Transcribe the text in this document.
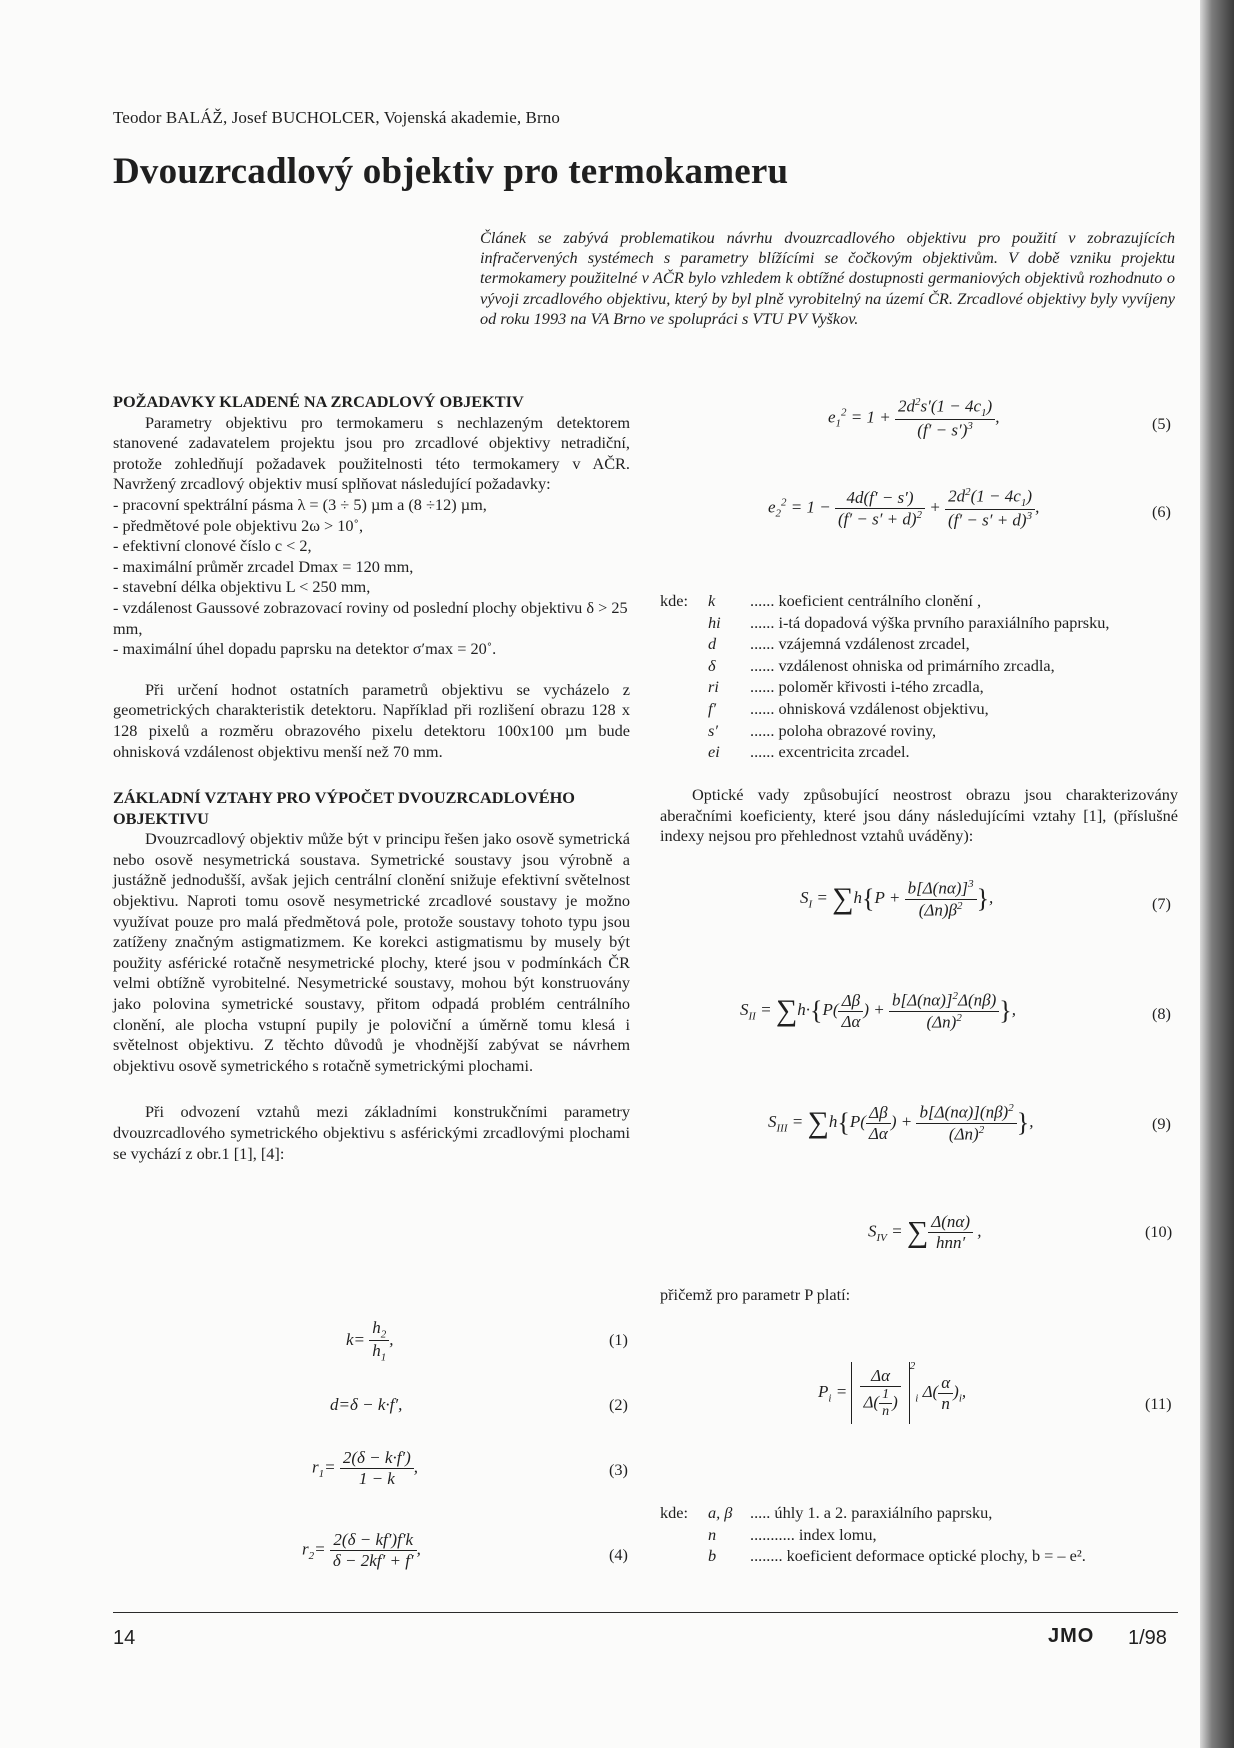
Teodor BALÁŽ, Josef BUCHOLCER, Vojenská akademie, Brno
Dvouzrcadlový objektiv pro termokameru

Článek se zabývá problematikou návrhu dvouzrcadlového objektivu pro použití v zobrazujících infračervených systémech s parametry blížícími se čočkovým objektivům. V době vzniku projektu termokamery použitelné v AČR bylo vzhledem k obtížné dostupnosti germaniových objektivů rozhodnuto o vývoji zrcadlového objektivu, který by byl plně vyrobitelný na území ČR. Zrcadlové objektivy byly vyvíjeny od roku 1993 na VA Brno ve spolupráci s VTU PV Vyškov.

POŽADAVKY KLADENÉ NA ZRCADLOVÝ OBJEKTIV

Parametry objektivu pro termokameru s nechlazeným detektorem stanovené zadavatelem projektu jsou pro zrcadlové objektivy netradiční, protože zohledňují požadavek použitelnosti této termokamery v AČR. Navržený zrcadlový objektiv musí splňovat následující požadavky:

- pracovní spektrální pásma λ = (3 ÷ 5) µm a (8 ÷12) µm,
- předmětové pole objektivu 2ω > 10˚,
- efektivní clonové číslo c < 2,
- maximální průměr zrcadel Dmax = 120 mm,
- stavební délka objektivu L < 250 mm,
- vzdálenost Gaussové zobrazovací roviny od poslední plochy objektivu δ > 25 mm,
- maximální úhel dopadu paprsku na detektor σ′max = 20˚.

Při určení hodnot ostatních parametrů objektivu se vycházelo z geometrických charakteristik detektoru. Například při rozlišení obrazu 128 x 128 pixelů a rozměru obrazového pixelu detektoru 100x100 µm bude ohnisková vzdálenost objektivu menší než 70 mm.

ZÁKLADNÍ VZTAHY PRO VÝPOČET DVOUZRCADLOVÉHO OBJEKTIVU

Dvouzrcadlový objektiv může být v principu řešen jako osově symetrická nebo osově nesymetrická soustava. Symetrické soustavy jsou výrobně a justážně jednodušší, avšak jejich centrální clonění snižuje efektivní světelnost objektivu. Naproti tomu osově nesymetrické zrcadlové soustavy je možno využívat pouze pro malá předmětová pole, protože soustavy tohoto typu jsou zatíženy značným astigmatizmem. Ke korekci astigmatismu by musely být použity asférické rotačně nesymetrické plochy, které jsou v podmínkách ČR velmi obtížně vyrobitelné. Nesymetrické soustavy, mohou být konstruovány jako polovina symetrické soustavy, přitom odpadá problém centrálního clonění, ale plocha vstupní pupily je poloviční a úměrně tomu klesá i světelnost objektivu. Z těchto důvodů je vhodnější zabývat se návrhem objektivu osově symetrického s rotačně symetrickými plochami.

Při odvození vztahů mezi základními konstrukčními parametry dvouzrcadlového symetrického objektivu s asférickými zrcadlovými plochami se vychází z obr.1 [1], [4]:

$k= \frac{h_2}{h_1}$ ,	(1)
d=δ − k·f′,	(2)
$r_1= \frac{2(\delta - k\cdot f')}{1 - k}$ ,	(3)
$r_2= \frac{2(\delta - kf')f'k}{\delta - 2kf' + f'}$ ,	(4)
$e_1^2 = 1 + \frac{2d^2s'(1 - 4c_1)}{(f' - s')^3}$ ,	(5)
$e_2^2 = 1 - \frac{4d(f' - s')}{(f' - s' + d)^2} + \frac{2d^2(1 - 4c_1)}{(f' - s' + d)^3}$ ,	(6)
kde:	k	...... koeficient centrálního clonění ,
hi	...... i-tá dopadová výška prvního paraxiálního paprsku,
d	...... vzájemná vzdálenost zrcadel,
δ	...... vzdálenost ohniska od primárního zrcadla,
ri	...... poloměr křivosti i-tého zrcadla,
f′	...... ohnisková vzdálenost objektivu,
s′	...... poloha obrazové roviny,
ei	...... excentricita zrcadel.

Optické vady způsobující neostrost obrazu jsou charakterizovány aberačními koeficienty, které jsou dány následujícími vztahy [1], (příslušné indexy nejsou pro přehlednost vztahů uváděny):

$S_I = \sum h\{P + \frac{b[\Delta(n\alpha)]^3}{(\Delta n)\beta^2}$ },	(7)
$S_{II} = \sum h\cdot\{P( \frac{\Delta\beta}{\Delta\alpha}$ ) + $\frac{b[\Delta(n\alpha)]^2\Delta(n\beta)}{(\Delta n)^2}$ },	(8)
$S_{III} = \sum h\{P( \frac{\Delta\beta}{\Delta\alpha}$ ) + $\frac{b[\Delta(n\alpha)](n\beta)^2}{(\Delta n)^2}$ },	(9)
$S_{IV}$ = ∑ $\frac{\Delta(n\alpha)}{\text{hnn′}}$ ,	(10)

přičemž pro parametr P platí:

$P_i = \frac{\Delta\alpha}{\Delta( \frac{1}{n} )}$
$^2_i$ $\Delta( \frac{\alpha}{n} )_i$,
(11)
kde:	a, β	..... úhly 1. a 2. paraxiálního paprsku,
n	........... index lomu,
b	........ koeficient deformace optické plochy, b = – e².
14	JMO 1/98
